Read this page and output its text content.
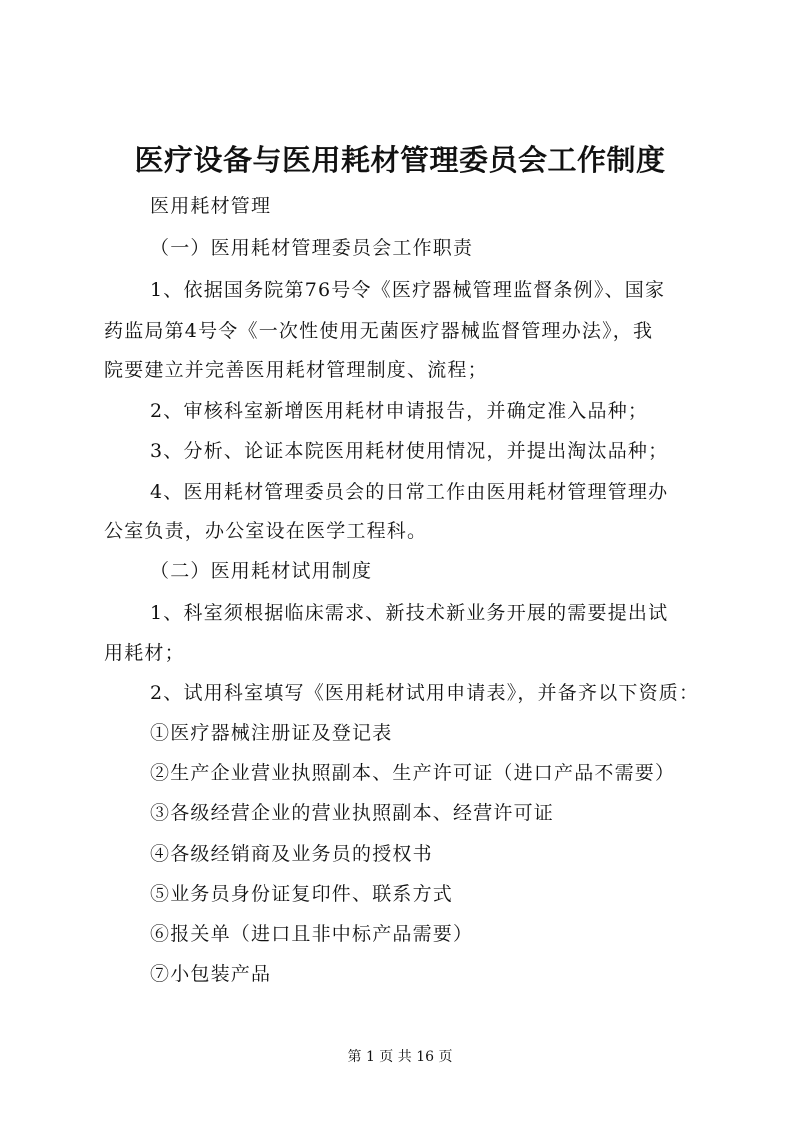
医疗设备与医用耗材管理委员会工作制度
医用耗材管理
（一）医用耗材管理委员会工作职责
1、依据国务院第76号令《医疗器械管理监督条例》、国家
药监局第4号令《一次性使用无菌医疗器械监督管理办法》，我
院要建立并完善医用耗材管理制度、流程；
2、审核科室新增医用耗材申请报告，并确定准入品种；
3、分析、论证本院医用耗材使用情况，并提出淘汰品种；
4、医用耗材管理委员会的日常工作由医用耗材管理管理办
公室负责，办公室设在医学工程科。
（二）医用耗材试用制度
1、科室须根据临床需求、新技术新业务开展的需要提出试
用耗材；
2、试用科室填写《医用耗材试用申请表》，并备齐以下资质：
①医疗器械注册证及登记表
②生产企业营业执照副本、生产许可证（进口产品不需要）
③各级经营企业的营业执照副本、经营许可证
④各级经销商及业务员的授权书
⑤业务员身份证复印件、联系方式
⑥报关单（进口且非中标产品需要）
⑦小包装产品
第 1 页 共 16 页
